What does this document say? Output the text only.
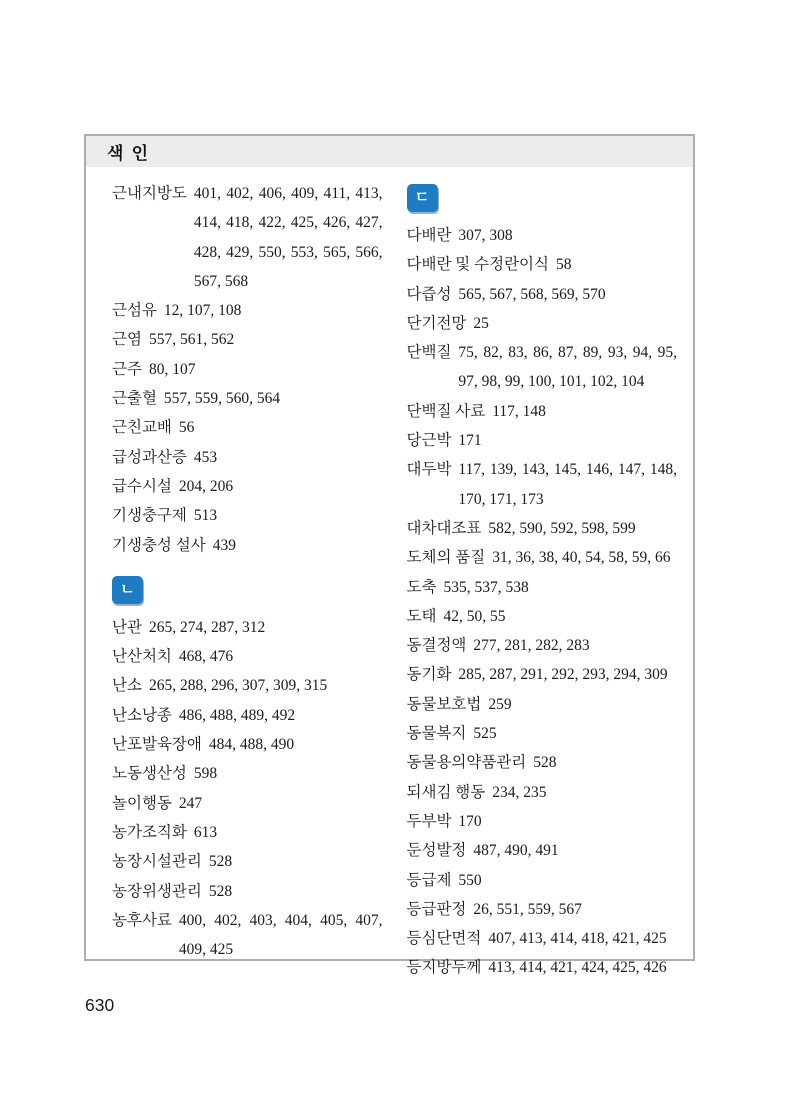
색 인
근내지방도 401, 402, 406, 409, 411, 413, 414, 418, 422, 425, 426, 427, 428, 429, 550, 553, 565, 566, 567, 568
근섬유 12, 107, 108
근염 557, 561, 562
근주 80, 107
근출혈 557, 559, 560, 564
근친교배 56
급성과산증 453
급수시설 204, 206
기생충구제 513
기생충성 설사 439
ㄴ
난관 265, 274, 287, 312
난산처치 468, 476
난소 265, 288, 296, 307, 309, 315
난소낭종 486, 488, 489, 492
난포발육장애 484, 488, 490
노동생산성 598
놀이행동 247
농가조직화 613
농장시설관리 528
농장위생관리 528
농후사료 400, 402, 403, 404, 405, 407, 409, 425
ㄷ
다배란 307, 308
다배란 및 수정란이식 58
다즙성 565, 567, 568, 569, 570
단기전망 25
단백질 75, 82, 83, 86, 87, 89, 93, 94, 95, 97, 98, 99, 100, 101, 102, 104
단백질 사료 117, 148
당근박 171
대두박 117, 139, 143, 145, 146, 147, 148, 170, 171, 173
대차대조표 582, 590, 592, 598, 599
도체의 품질 31, 36, 38, 40, 54, 58, 59, 66
도축 535, 537, 538
도태 42, 50, 55
동결정액 277, 281, 282, 283
동기화 285, 287, 291, 292, 293, 294, 309
동물보호법 259
동물복지 525
동물용의약품관리 528
되새김 행동 234, 235
두부박 170
둔성발정 487, 490, 491
등급제 550
등급판정 26, 551, 559, 567
등심단면적 407, 413, 414, 418, 421, 425
등지방두께 413, 414, 421, 424, 425, 426
630
